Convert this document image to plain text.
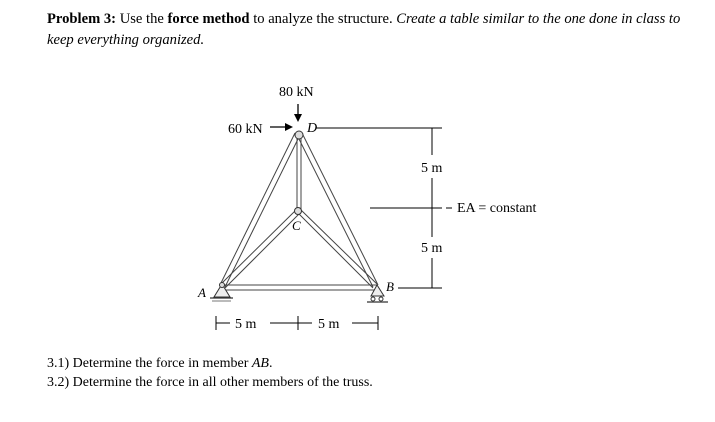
Problem 3: Use the force method to analyze the structure. Create a table similar to the one done in class to keep everything organized.
80 kN
60 kN	D
C
A	B
5 m
5 m
EA = constant
5 m	5 m
3.1) Determine the force in member AB.
3.2) Determine the force in all other members of the truss.
